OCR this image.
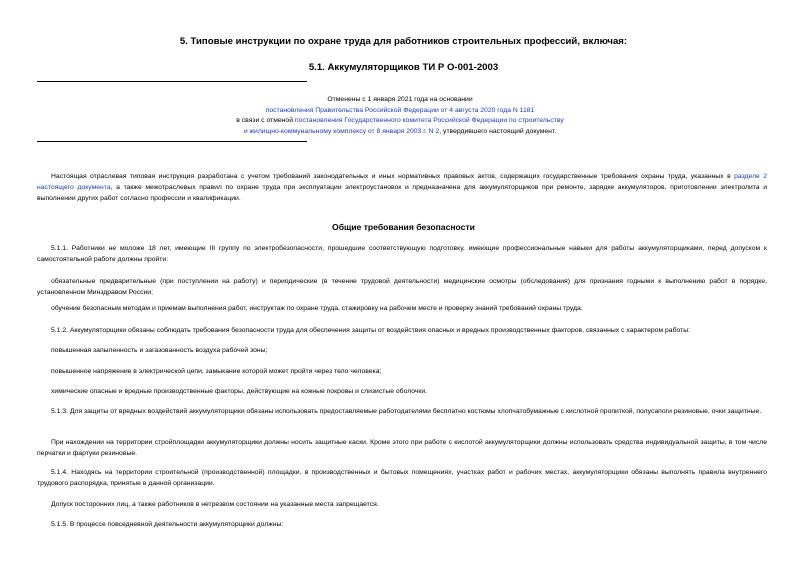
5. Типовые инструкции по охране труда для работников строительных профессий, включая:
5.1. Аккумуляторщиков ТИ Р О-001-2003
Отменены с 1 января 2021 года на основании
постановления Правительства Российской Федерации от 4 августа 2020 года N 1181
в связи с отменой постановления Государственного комитета Российской Федерации по строительству
и жилищно-коммунальному комплексу от 8 января 2003 г. N 2, утвердившего настоящий документ.

Настоящая отраслевая типовая инструкция разработана с учетом требований законодательных и иных нормативных правовых актов, содержащих государственные требования охраны труда, указанных в разделе 2 настоящего документа, а также межотраслевых правил по охране труда при эксплуатации электроустановок и предназначена для аккумуляторщиков при ремонте, зарядке аккумуляторов, приготовлении электролита и выполнении других работ согласно профессии и квалификации.

Общие требования безопасности

5.1.1. Работники не моложе 18 лет, имеющие III группу по электробезопасности, прошедшие соответствующую подготовку, имеющие профессиональные навыки для работы аккумуляторщиками, перед допуском к самостоятельной работе должны пройти:

обязательные предварительные (при поступлении на работу) и периодические (в течение трудовой деятельности) медицинские осмотры (обследования) для признания годными к выполнению работ в порядке, установленном Минздравом России;

обучение безопасным методам и приемам выполнения работ, инструктаж по охране труда, стажировку на рабочем месте и проверку знаний требований охраны труда.

5.1.2. Аккумуляторщики обязаны соблюдать требования безопасности труда для обеспечения защиты от воздействия опасных и вредных производственных факторов, связанных с характером работы:

повышенная запыленность и загазованность воздуха рабочей зоны;

повышенное напряжение в электрической цепи, замыкание которой может пройти через тело человека;

химические опасные и вредные производственные факторы, действующие на кожные покровы и слизистые оболочки.

5.1.3. Для защиты от вредных воздействий аккумуляторщики обязаны использовать предоставляемые работодателями бесплатно костюмы хлопчатобумажные с кислотной пропиткой, полусапоги резиновые, очки защитные.

При нахождении на территории стройплощадки аккумуляторщики должны носить защитные каски. Кроме этого при работе с кислотой аккумуляторщики должны использовать средства индивидуальной защиты, в том числе перчатки и фартуки резиновые.

5.1.4. Находясь на территории строительной (производственной) площадки, в производственных и бытовых помещениях, участках работ и рабочих местах, аккумуляторщики обязаны выполнять правила внутреннего трудового распорядка, принятые в данной организации.

Допуск посторонних лиц, а также работников в нетрезвом состоянии на указанные места запрещается.

5.1.5. В процессе повседневной деятельности аккумуляторщики должны:
